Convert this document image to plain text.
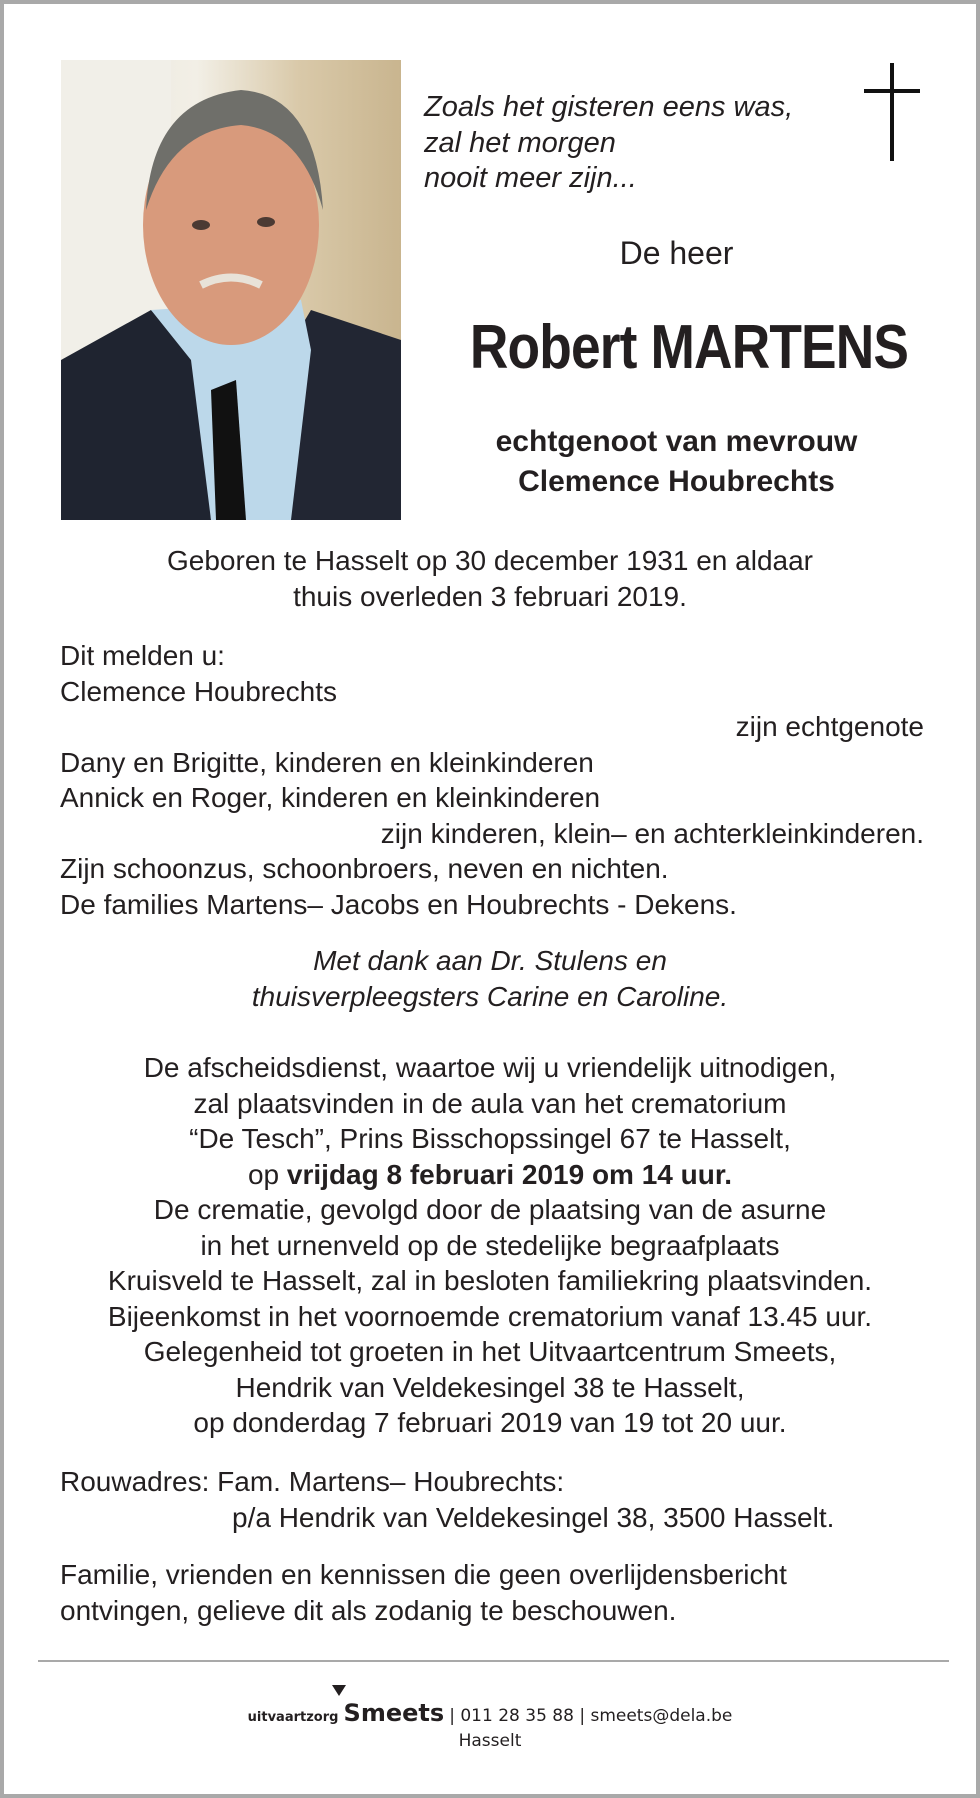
Zoals het gisteren eens was,
zal het morgen
nooit meer zijn...
De heer
Robert MARTENS
echtgenoot van mevrouw
Clemence Houbrechts
Geboren te Hasselt op 30 december 1931 en aldaar
thuis overleden 3 februari 2019.
Dit melden u:
Clemence Houbrechts
zijn echtgenote
Dany en Brigitte, kinderen en kleinkinderen
Annick en Roger, kinderen en kleinkinderen
zijn kinderen, klein– en achterkleinkinderen.
Zijn schoonzus, schoonbroers, neven en nichten.
De families Martens– Jacobs en Houbrechts - Dekens.
Met dank aan Dr. Stulens en
thuisverpleegsters Carine en Caroline.
De afscheidsdienst, waartoe wij u vriendelijk uitnodigen,
zal plaatsvinden in de aula van het crematorium
“De Tesch”, Prins Bisschopssingel 67 te Hasselt,
op vrijdag 8 februari 2019 om 14 uur.
De crematie, gevolgd door de plaatsing van de asurne
in het urnenveld op de stedelijke begraafplaats
Kruisveld te Hasselt, zal in besloten familiekring plaatsvinden.
Bijeenkomst in het voornoemde crematorium vanaf 13.45 uur.
Gelegenheid tot groeten in het Uitvaartcentrum Smeets,
Hendrik van Veldekesingel 38 te Hasselt,
op donderdag 7 februari 2019 van 19 tot 20 uur.
Rouwadres: Fam. Martens– Houbrechts:
p/a Hendrik van Veldekesingel 38, 3500 Hasselt.
Familie, vrienden en kennissen die geen overlijdensbericht
ontvingen, gelieve dit als zodanig te beschouwen.
uitvaartzorg Smeets | 011 28 35 88 | smeets@dela.be
Hasselt
